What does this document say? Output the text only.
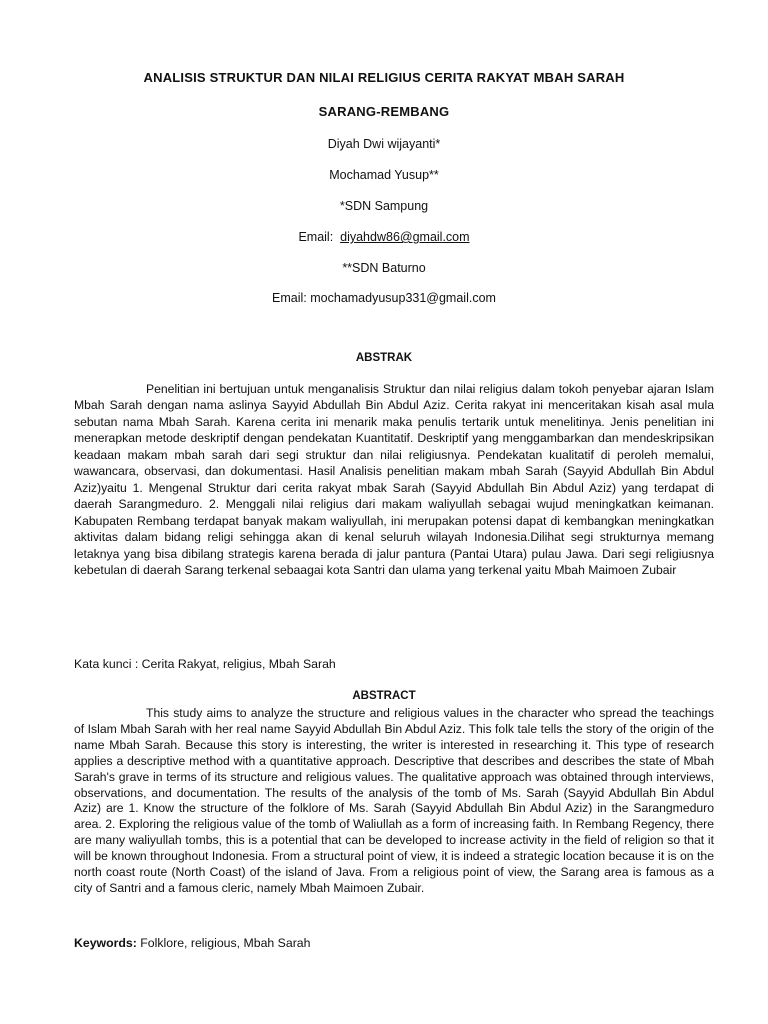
ANALISIS STRUKTUR DAN NILAI RELIGIUS CERITA RAKYAT MBAH SARAH
SARANG-REMBANG
Diyah Dwi wijayanti*
Mochamad Yusup**
*SDN Sampung
Email: diyahdw86@gmail.com
**SDN Baturno
Email: mochamadyusup331@gmail.com
ABSTRAK

Penelitian ini bertujuan untuk menganalisis Struktur dan nilai religius dalam tokoh penyebar ajaran Islam Mbah Sarah dengan nama aslinya Sayyid Abdullah Bin Abdul Aziz. Cerita rakyat ini menceritakan kisah asal mula sebutan nama Mbah Sarah. Karena cerita ini menarik maka penulis tertarik untuk menelitinya. Jenis penelitian ini menerapkan metode deskriptif dengan pendekatan Kuantitatif. Deskriptif yang menggambarkan dan mendeskripsikan keadaan makam mbah sarah dari segi struktur dan nilai religiusnya. Pendekatan kualitatif di peroleh memalui, wawancara, observasi, dan dokumentasi. Hasil Analisis penelitian makam mbah Sarah (Sayyid Abdullah Bin Abdul Aziz)yaitu 1. Mengenal Struktur dari cerita rakyat mbak Sarah (Sayyid Abdullah Bin Abdul Aziz) yang terdapat di daerah Sarangmeduro. 2. Menggali nilai religius dari makam waliyullah sebagai wujud meningkatkan keimanan. Kabupaten Rembang terdapat banyak makam waliyullah, ini merupakan potensi dapat di kembangkan meningkatkan aktivitas dalam bidang religi sehingga akan di kenal seluruh wilayah Indonesia.Dilihat segi strukturnya memang letaknya yang bisa dibilang strategis karena berada di jalur pantura (Pantai Utara) pulau Jawa. Dari segi religiusnya kebetulan di daerah Sarang terkenal sebaagai kota Santri dan ulama yang terkenal yaitu Mbah Maimoen Zubair

Kata kunci : Cerita Rakyat, religius, Mbah Sarah
ABSTRACT

This study aims to analyze the structure and religious values in the character who spread the teachings of Islam Mbah Sarah with her real name Sayyid Abdullah Bin Abdul Aziz. This folk tale tells the story of the origin of the name Mbah Sarah. Because this story is interesting, the writer is interested in researching it. This type of research applies a descriptive method with a quantitative approach. Descriptive that describes and describes the state of Mbah Sarah's grave in terms of its structure and religious values. The qualitative approach was obtained through interviews, observations, and documentation. The results of the analysis of the tomb of Ms. Sarah (Sayyid Abdullah Bin Abdul Aziz) are 1. Know the structure of the folklore of Ms. Sarah (Sayyid Abdullah Bin Abdul Aziz) in the Sarangmeduro area. 2. Exploring the religious value of the tomb of Waliullah as a form of increasing faith. In Rembang Regency, there are many waliyullah tombs, this is a potential that can be developed to increase activity in the field of religion so that it will be known throughout Indonesia. From a structural point of view, it is indeed a strategic location because it is on the north coast route (North Coast) of the island of Java. From a religious point of view, the Sarang area is famous as a city of Santri and a famous cleric, namely Mbah Maimoen Zubair.

Keywords: Folklore, religious, Mbah Sarah
